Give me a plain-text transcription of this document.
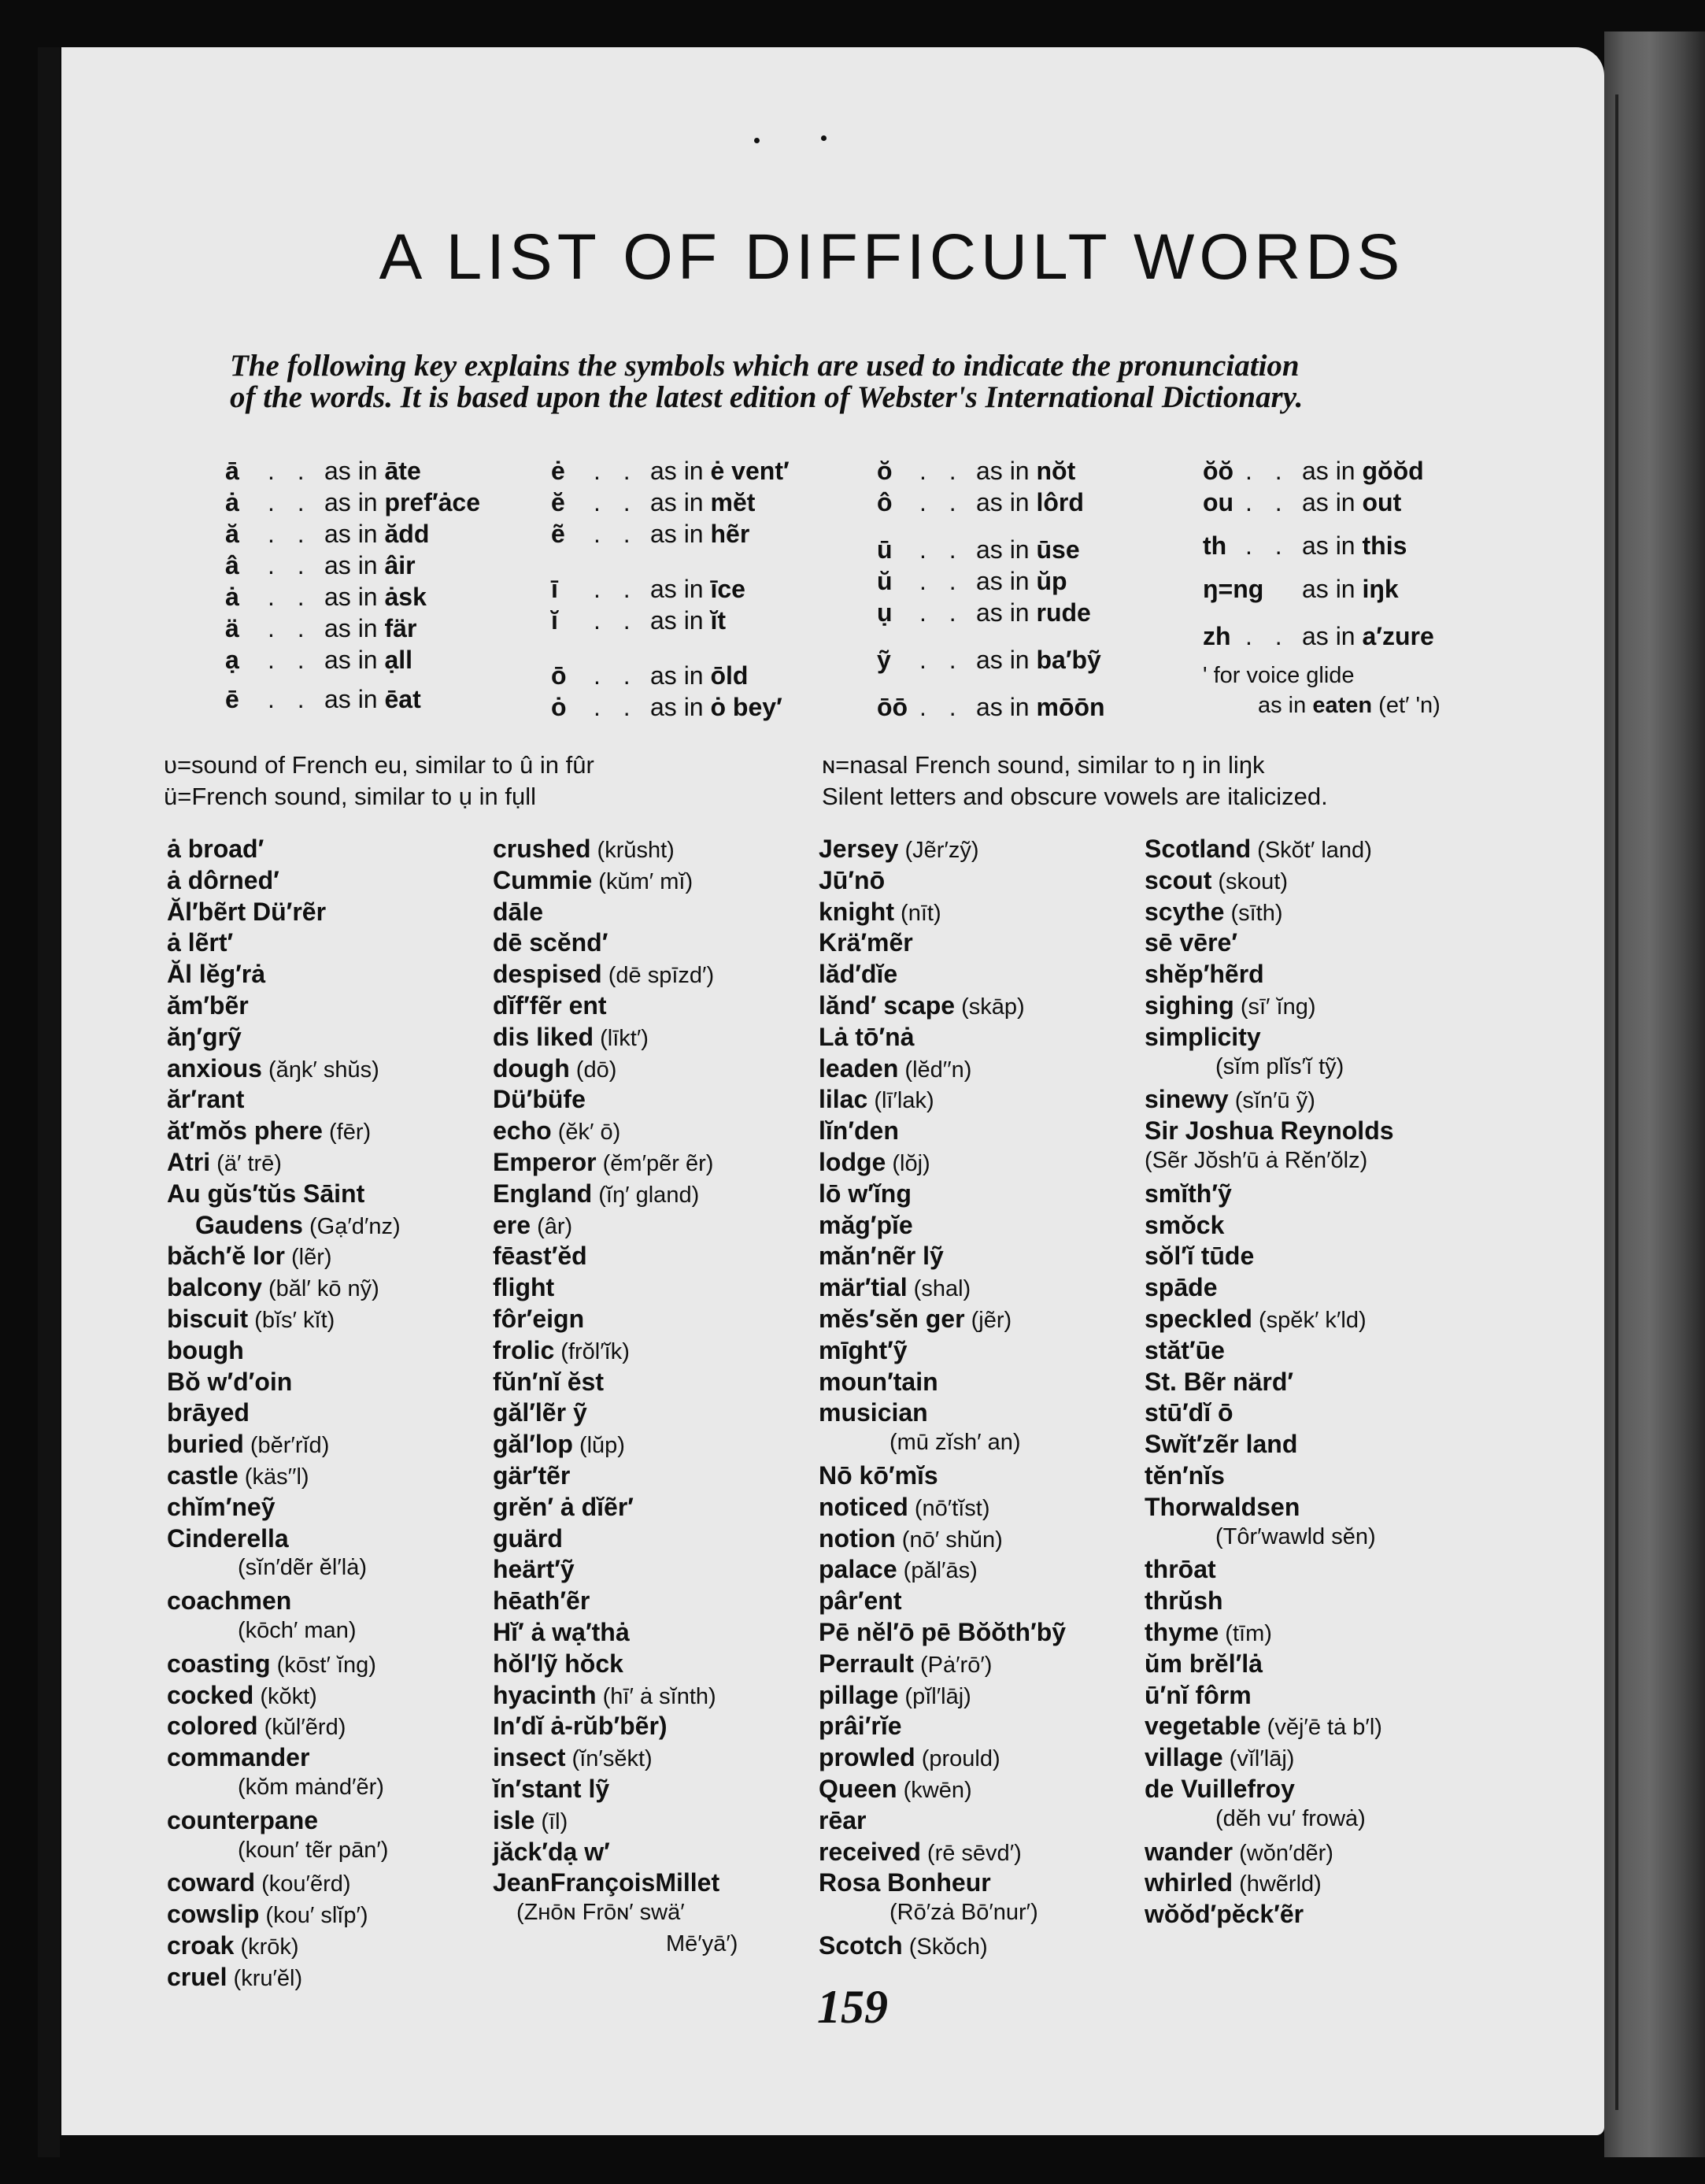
A LIST OF DIFFICULT WORDS
The following key explains the symbols which are used to indicate the pronunciation
of the words. It is based upon the latest edition of Webster's International Dictionary.
ā . . as in āte
ȧ . . as in pref′ȧce
ă . . as in ădd
â . . as in âir
ȧ . . as in ȧsk
ä . . as in fär
ạ . . as in ạll
ē . . as in ēat
ė . . as in ė vent′
ĕ . . as in mĕt
ẽ . . as in hẽr
ī . . as in īce
ĭ . . as in ĭt
ō . . as in ōld
ȯ . . as in ȯ bey′
ŏ . . as in nŏt
ô . . as in lôrd
ū . . as in ūse
ŭ . . as in ŭp
ụ . . as in rude
ỹ . . as in ba′bỹ
ōō . . as in mōōn
ŏŏ . . as in gŏŏd
ou . . as in out
th . . as in this
ŋ=ng as in iŋk
zh . . as in a′zure
' for voice glide
as in eaten (et′ 'n)
ᴜ=sound of French eu, similar to û in fûr
ü=French sound, similar to ụ in fụll
ɴ=nasal French sound, similar to ŋ in liŋk
Silent letters and obscure vowels are italicized.
ȧ broad′
ȧ dôrned′
Ăl′bẽrt Dü′rẽr
ȧ lẽrt′
Ăl lĕg′rȧ
ăm′bẽr
ăŋ′grỹ
anxious (ăŋk′ shŭs)
ăr′rant
ăt′mŏs phere (fēr)
Atri (ä′ trē)
Au gŭs′tŭs Sāint
Gaudens (Gạ′d′nz)
băch′ĕ lor (lẽr)
balcony (băl′ kō nỹ)
biscuit (bĭs′ kĭt)
bough
Bŏ w′d′oin
brāyed
buried (bĕr′rĭd)
castle (käs′′l)
chĭm′neỹ
Cinderella
(sĭn′dẽr ĕl′lȧ)
coachmen
(kōch′ man)
coasting (kōst′ ĭng)
cocked (kŏkt)
colored (kŭl′ẽrd)
commander
(kŏm mȧnd′ẽr)
counterpane
(koun′ tẽr pān′)
coward (kou′ẽrd)
cowslip (kou′ slĭp′)
croak (krōk)
cruel (kru′ĕl)
crushed (krŭsht)
Cummie (kŭm′ mĭ)
dāle
dē scĕnd′
despised (dē spīzd′)
dĭf′fẽr ent
dis liked (līkt′)
dough (dō)
Dü′büfe
echo (ĕk′ ō)
Emperor (ĕm′pẽr ẽr)
England (ĭŋ′ gland)
ere (âr)
fēast′ĕd
flight
fôr′eign
frolic (frŏl′ĭk)
fŭn′nĭ ĕst
găl′lẽr ỹ
găl′lop (lŭp)
gär′tẽr
grĕn′ ȧ dĭẽr′
guärd
heärt′ỹ
hēath′ẽr
Hĭ′ ȧ wạ′thȧ
hŏl′lỹ hŏck
hyacinth (hī′ ȧ sĭnth)
In′dĭ ȧ-rŭb′bẽr)
insect (ĭn′sĕkt)
ĭn′stant lỹ
isle (īl)
jăck′dạ w′
JeanFrançoisMillet
(Zʜōɴ Frōɴ′ swä′
Mē′yā′)
Jersey (Jẽr′zỹ)
Jū′nō
knight (nīt)
Krä′mẽr
lăd′dĭe
lănd′ scape (skāp)
Lȧ tō′nȧ
leaden (lĕd′′n)
lilac (lī′lak)
lĭn′den
lodge (lŏj)
lō w′ĭng
măg′pĭe
măn′nẽr lỹ
mär′tial (shal)
mĕs′sĕn ger (jẽr)
mīght′ỹ
moun′tain
musician
(mū zĭsh′ an)
Nō kō′mĭs
noticed (nō′tĭst)
notion (nō′ shŭn)
palace (păl′ās)
pâr′ent
Pē nĕl′ō pē Bŏŏth′bỹ
Perrault (Pȧ′rō′)
pillage (pĭl′lāj)
prâi′rĭe
prowled (prould)
Queen (kwēn)
rēar
received (rē sēvd′)
Rosa Bonheur
(Rō′zȧ Bō′nur′)
Scotch (Skŏch)
Scotland (Skŏt′ land)
scout (skout)
scythe (sīth)
sē vēre′
shĕp′hẽrd
sighing (sī′ ĭng)
simplicity
(sĭm plĭs′ĭ tỹ)
sinewy (sĭn′ū ỹ)
Sir Joshua Reynolds
(Sẽr Jŏsh′ū ȧ Rĕn′ŏlz)
smĭth′ỹ
smŏck
sŏl′ĭ tūde
spāde
speckled (spĕk′ k′ld)
stăt′ūe
St. Bẽr närd′
stū′dĭ ō
Swĭt′zẽr land
tĕn′nĭs
Thorwaldsen
(Tôr′wawld sĕn)
thrōat
thrŭsh
thyme (tīm)
ŭm brĕl′lȧ
ū′nĭ fôrm
vegetable (vĕj′ē tȧ b′l)
village (vĭl′lāj)
de Vuillefroy
(dĕh vu′ frowȧ)
wander (wŏn′dẽr)
whirled (hwẽrld)
wŏŏd′pĕck′ẽr
159
